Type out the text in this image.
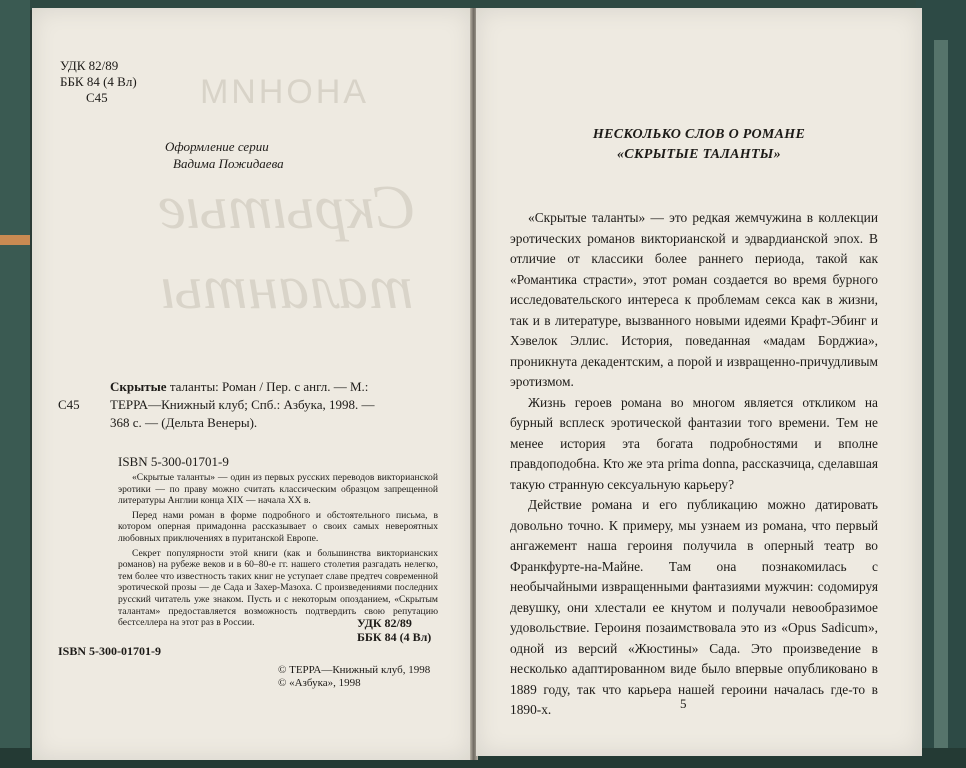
АНОНИМ
Скрытые
таланты
УДК 82/89
ББК 84 (4 Вл)
С45
Оформление серии
Вадима Пожидаева
С45
Скрытые таланты: Роман / Пер. с англ. — М.:
ТЕРРА—Книжный клуб; Спб.: Азбука, 1998. —
368 с. — (Дельта Венеры).
ISBN 5-300-01701-9

«Скрытые таланты» — один из первых русских переводов викторианской эротики — по праву можно считать классическим образцом запрещенной литературы Англии конца XIX — начала XX в.

Перед нами роман в форме подробного и обстоятельного письма, в котором оперная примадонна рассказывает о своих самых невероятных любовных приключениях в пуританской Европе.

Секрет популярности этой книги (как и большинства викторианских романов) на рубеже веков и в 60–80-е гг. нашего столетия разгадать нелегко, тем более что известность таких книг не уступает славе предтеч современной эротической прозы — де Сада и Захер-Мазоха. С произведениями последних русский читатель уже знаком. Пусть и с некоторым опозданием, «Скрытым талантам» предоставляется возможность подтвердить свою репутацию бестселлера на этот раз в России.	УДК 82/89
ББК 84 (4 Вл)
ISBN 5-300-01701-9
© ТЕРРА—Книжный клуб, 1998
© «Азбука», 1998
НЕСКОЛЬКО СЛОВ О РОМАНЕ
«СКРЫТЫЕ ТАЛАНТЫ»

«Скрытые таланты» — это редкая жемчужина в коллекции эротических романов викторианской и эдвардианской эпох. В отличие от классики более раннего периода, такой как «Романтика страсти», этот роман создается во время бурного исследовательского интереса к проблемам секса как в жизни, так и в литературе, вызванного новыми идеями Крафт-Эбинг и Хэвелок Эллис. История, поведанная «мадам Борджиа», проникнута декадентским, а порой и извращенно-причудливым эротизмом.

Жизнь героев романа во многом является откликом на бурный всплеск эротической фантазии того времени. Тем не менее история эта богата подробностями и вполне правдоподобна. Кто же эта prima donna, рассказчица, сделавшая такую странную сексуальную карьеру?

Действие романа и его публикацию можно датировать довольно точно. К примеру, мы узнаем из романа, что первый ангажемент наша героиня получила в оперный театр во Франкфурте-на-Майне. Там она познакомилась с необычайными извращенными фантазиями мужчин: содомируя девушку, они хлестали ее кнутом и получали невообразимое удовольствие. Героиня позаимствовала это из «Opus Sadicum», одной из версий «Жюстины» Сада. Это произведение в несколько адаптированном виде было впервые опубликовано в 1889 году, так что карьера нашей героини началась где-то в 1890-х.	5
